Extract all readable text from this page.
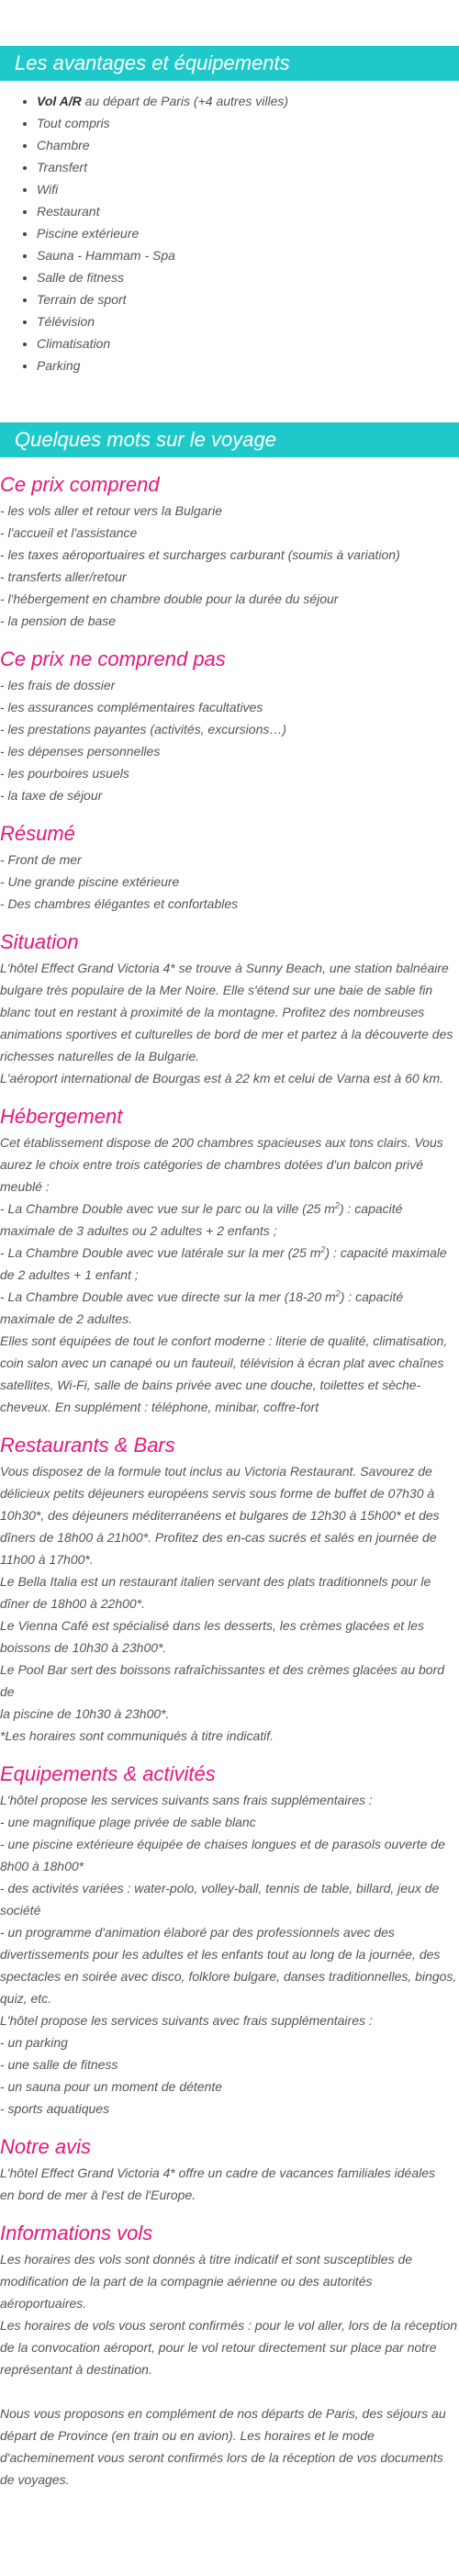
Les avantages et équipements
• Vol A/R au départ de Paris (+4 autres villes)
• Tout compris
• Chambre
• Transfert
• Wifi
• Restaurant
• Piscine extérieure
• Sauna - Hammam - Spa
• Salle de fitness
• Terrain de sport
• Télévision
• Climatisation
• Parking
Quelques mots sur le voyage
Ce prix comprend
- les vols aller et retour vers la Bulgarie
- l'accueil et l'assistance
- les taxes aéroportuaires et surcharges carburant (soumis à variation)
- transferts aller/retour
- l'hébergement en chambre double pour la durée du séjour
- la pension de base
Ce prix ne comprend pas
- les frais de dossier
- les assurances complémentaires facultatives
- les prestations payantes (activités, excursions…)
- les dépenses personnelles
- les pourboires usuels
- la taxe de séjour
Résumé
- Front de mer
- Une grande piscine extérieure
- Des chambres élégantes et confortables
Situation
L'hôtel Effect Grand Victoria 4* se trouve à Sunny Beach, une station balnéaire
bulgare très populaire de la Mer Noire. Elle s'étend sur une baie de sable fin
blanc tout en restant à proximité de la montagne. Profitez des nombreuses
animations sportives et culturelles de bord de mer et partez à la découverte des
richesses naturelles de la Bulgarie.
L'aéroport international de Bourgas est à 22 km et celui de Varna est à 60 km.
Hébergement
Cet établissement dispose de 200 chambres spacieuses aux tons clairs. Vous
aurez le choix entre trois catégories de chambres dotées d'un balcon privé
meublé :
- La Chambre Double avec vue sur le parc ou la ville (25 $m^2$) : capacité
maximale de 3 adultes ou 2 adultes + 2 enfants ;
- La Chambre Double avec vue latérale sur la mer (25 $m^2$) : capacité maximale
de 2 adultes + 1 enfant ;
- La Chambre Double avec vue directe sur la mer (18-20 $m^2$) : capacité
maximale de 2 adultes.
Elles sont équipées de tout le confort moderne : literie de qualité, climatisation,
coin salon avec un canapé ou un fauteuil, télévision à écran plat avec chaînes
satellites, Wi-Fi, salle de bains privée avec une douche, toilettes et sèche-
cheveux. En supplément : téléphone, minibar, coffre-fort
Restaurants & Bars
Vous disposez de la formule tout inclus au Victoria Restaurant. Savourez de
délicieux petits déjeuners européens servis sous forme de buffet de 07h30 à
10h30*, des déjeuners méditerranéens et bulgares de 12h30 à 15h00* et des
dîners de 18h00 à 21h00*. Profitez des en-cas sucrés et salés en journée de
11h00 à 17h00*.
Le Bella Italia est un restaurant italien servant des plats traditionnels pour le
dîner de 18h00 à 22h00*.
Le Vienna Café est spécialisé dans les desserts, les crèmes glacées et les
boissons de 10h30 à 23h00*.
Le Pool Bar sert des boissons rafraîchissantes et des crèmes glacées au bord de
la piscine de 10h30 à 23h00*.
*Les horaires sont communiqués à titre indicatif.
Equipements & activités
L'hôtel propose les services suivants sans frais supplémentaires :
- une magnifique plage privée de sable blanc
- une piscine extérieure équipée de chaises longues et de parasols ouverte de
8h00 à 18h00*
- des activités variées : water-polo, volley-ball, tennis de table, billard, jeux de
société
- un programme d'animation élaboré par des professionnels avec des
divertissements pour les adultes et les enfants tout au long de la journée, des
spectacles en soirée avec disco, folklore bulgare, danses traditionnelles, bingos,
quiz, etc.
L'hôtel propose les services suivants avec frais supplémentaires :
- un parking
- une salle de fitness
- un sauna pour un moment de détente
- sports aquatiques
Notre avis
L'hôtel Effect Grand Victoria 4* offre un cadre de vacances familiales idéales
en bord de mer à l'est de l'Europe.
Informations vols
Les horaires des vols sont donnés à titre indicatif et sont susceptibles de
modification de la part de la compagnie aérienne ou des autorités
aéroportuaires.
Les horaires de vols vous seront confirmés : pour le vol aller, lors de la réception
de la convocation aéroport, pour le vol retour directement sur place par notre
représentant à destination.
Nous vous proposons en complément de nos départs de Paris, des séjours au
départ de Province (en train ou en avion). Les horaires et le mode
d'acheminement vous seront confirmés lors de la réception de vos documents
de voyages.
